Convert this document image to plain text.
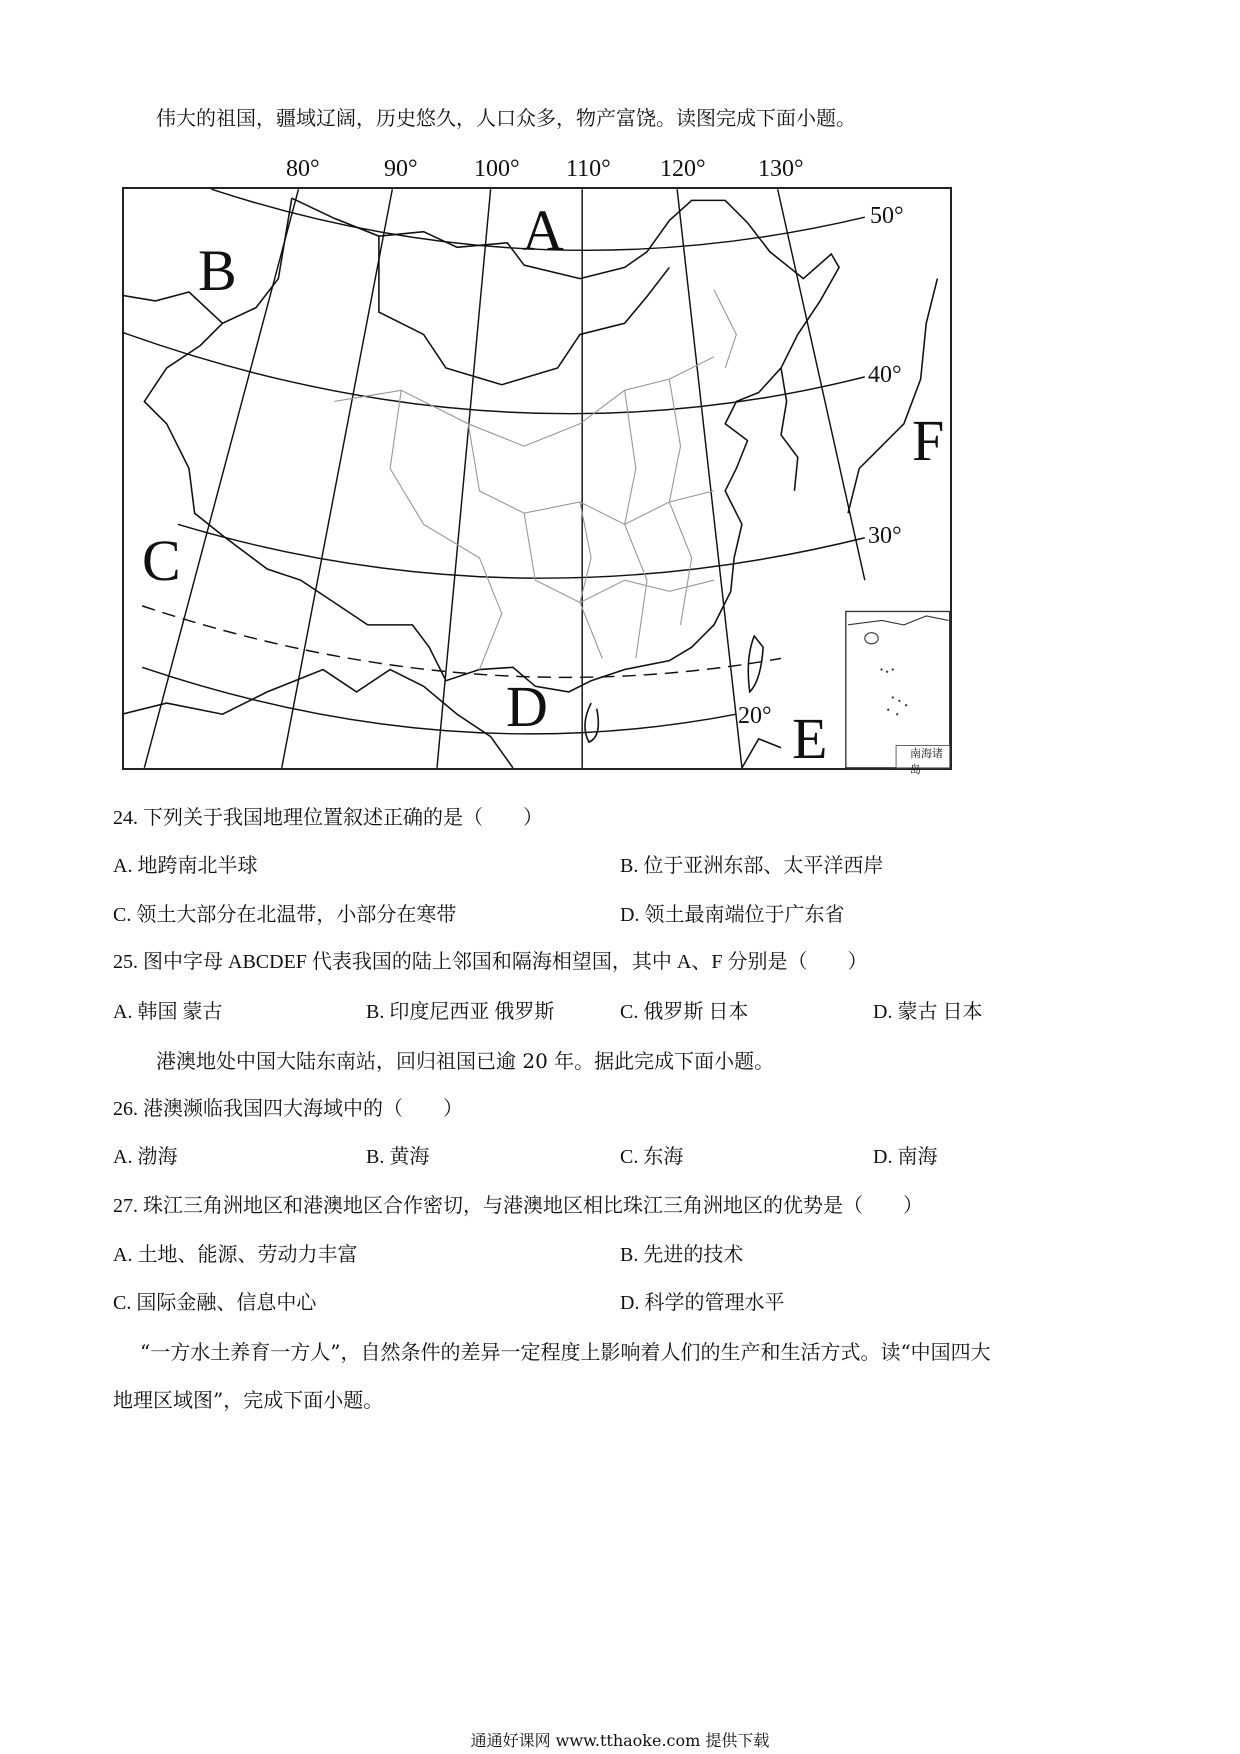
伟大的祖国，疆域辽阔，历史悠久，人口众多，物产富饶。读图完成下面小题。
80°	90° 100° 110° 120° 130°
南海诸岛
50°
40°
30°
20°
A
B
C
D	E
F
24. 下列关于我国地理位置叙述正确的是（　　）
A. 地跨南北半球	B. 位于亚洲东部、太平洋西岸
C. 领土大部分在北温带，小部分在寒带	D. 领土最南端位于广东省
25. 图中字母 ABCDEF 代表我国的陆上邻国和隔海相望国，其中 A、F 分别是（　　）
A. 韩国 蒙古	B. 印度尼西亚 俄罗斯	C. 俄罗斯 日本	D. 蒙古 日本
港澳地处中国大陆东南站，回归祖国已逾 20 年。据此完成下面小题。
26. 港澳濒临我国四大海域中的（　　）
A. 渤海	B. 黄海	C. 东海	D. 南海
27. 珠江三角洲地区和港澳地区合作密切，与港澳地区相比珠江三角洲地区的优势是（　　）
A. 土地、能源、劳动力丰富	B. 先进的技术
C. 国际金融、信息中心	D. 科学的管理水平
“一方水土养育一方人”，自然条件的差异一定程度上影响着人们的生产和生活方式。读“中国四大
地理区域图”，完成下面小题。
通通好课网 www.tthaoke.com 提供下载
